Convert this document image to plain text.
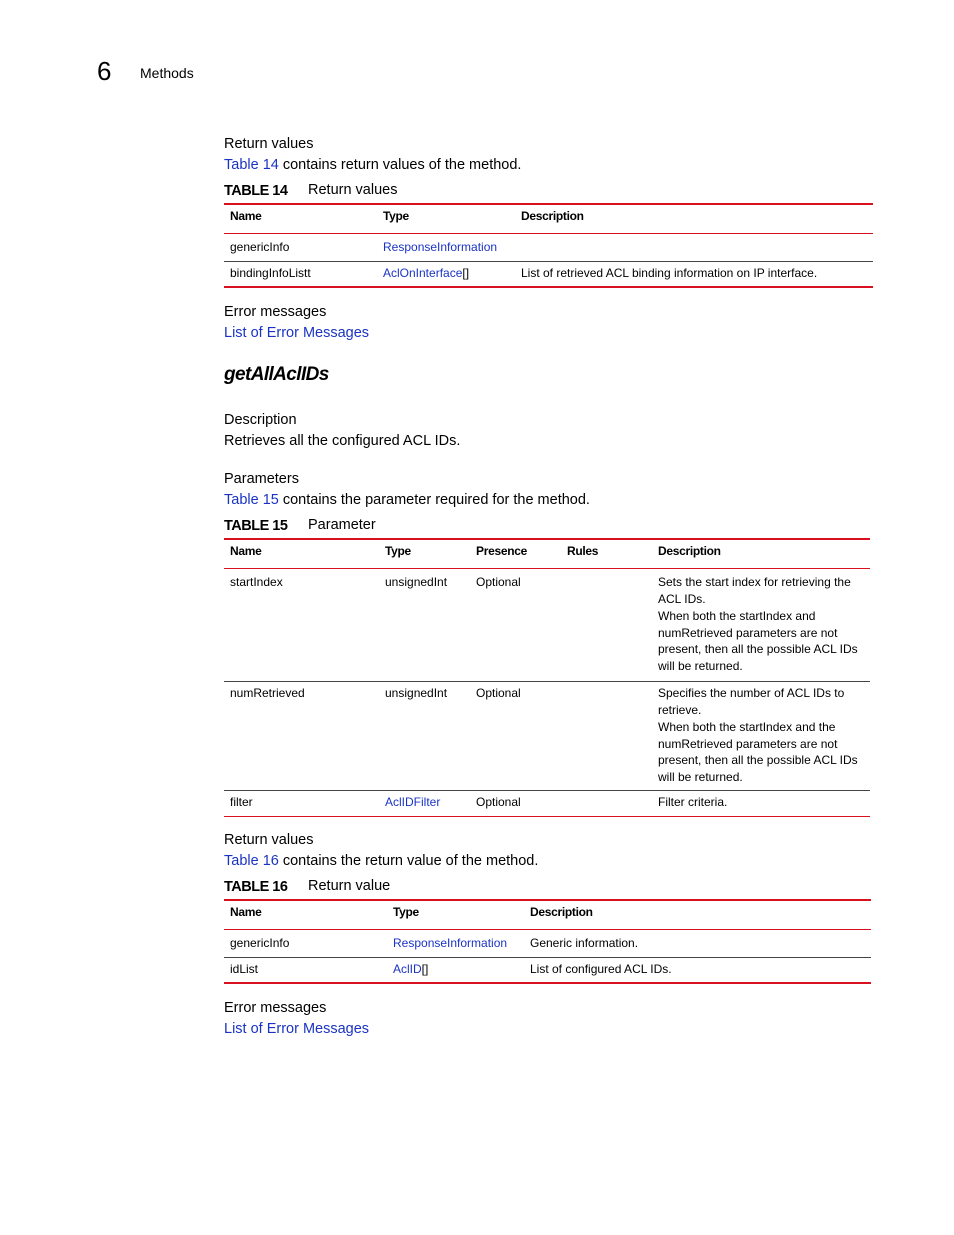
6 Methods
Return values
Table 14 contains return values of the method.
TABLE 14 Return values
Name	Type	Description
genericInfo	ResponseInformation	
bindingInfoListt	AclOnInterface[]	List of retrieved ACL binding information on IP interface.
Error messages
List of Error Messages
getAllAclIDs
Description
Retrieves all the configured ACL IDs.
Parameters
Table 15 contains the parameter required for the method.
TABLE 15 Parameter
Name	Type	Presence	Rules	Description
startIndex	unsignedInt	Optional		Sets the start index for retrieving the ACL IDs.
When both the startIndex and numRetrieved parameters are not present, then all the possible ACL IDs will be returned.

numRetrieved	unsignedInt	Optional		Specifies the number of ACL IDs to retrieve.
When both the startIndex and the numRetrieved parameters are not present, then all the possible ACL IDs will be returned.

filter	AclIDFilter	Optional		Filter criteria.
Return values
Table 16 contains the return value of the method.
TABLE 16 Return value
Name	Type	Description
genericInfo	ResponseInformation	Generic information.
idList	AclID[]	List of configured ACL IDs.
Error messages
List of Error Messages
